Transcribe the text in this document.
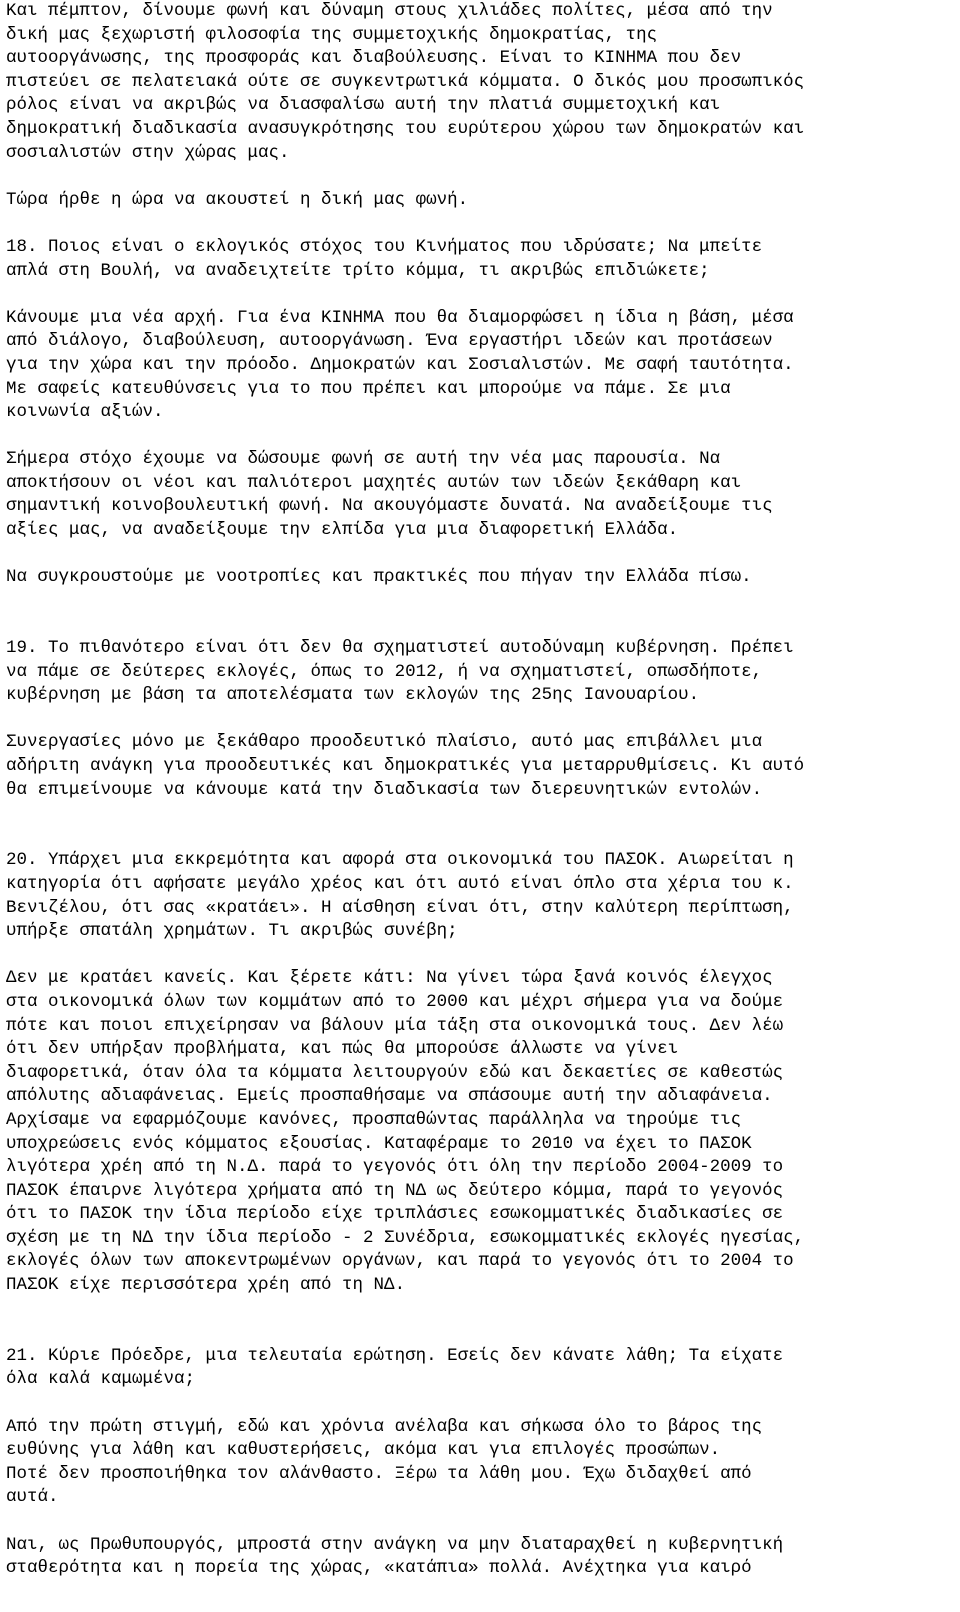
Και πέμπτον, δίνουμε φωνή και δύναμη στους χιλιάδες πολίτες, μέσα από την
δική μας ξεχωριστή φιλοσοφία της συμμετοχικής δημοκρατίας, της
αυτοοργάνωσης, της προσφοράς και διαβούλευσης. Είναι το ΚΙΝΗΜΑ που δεν
πιστεύει σε πελατειακά ούτε σε συγκεντρωτικά κόμματα. Ο δικός μου προσωπικός
ρόλος είναι να ακριβώς να διασφαλίσω αυτή την πλατιά συμμετοχική και
δημοκρατική διαδικασία ανασυγκρότησης του ευρύτερου χώρου των δημοκρατών και
σοσιαλιστών στην χώρας μας.
Τώρα ήρθε η ώρα να ακουστεί η δική μας φωνή.
18. Ποιος είναι ο εκλογικός στόχος του Κινήματος που ιδρύσατε; Να μπείτε
απλά στη Βουλή, να αναδειχτείτε τρίτο κόμμα, τι ακριβώς επιδιώκετε;
Κάνουμε μια νέα αρχή. Για ένα ΚΙΝΗΜΑ που θα διαμορφώσει η ίδια η βάση, μέσα
από διάλογο, διαβούλευση, αυτοοργάνωση. Ένα εργαστήρι ιδεών και προτάσεων
για την χώρα και την πρόοδο. Δημοκρατών και Σοσιαλιστών. Με σαφή ταυτότητα.
Με σαφείς κατευθύνσεις για το που πρέπει και μπορούμε να πάμε. Σε μια
κοινωνία αξιών.
Σήμερα στόχο έχουμε να δώσουμε φωνή σε αυτή την νέα μας παρουσία. Να
αποκτήσουν οι νέοι και παλιότεροι μαχητές αυτών των ιδεών ξεκάθαρη και
σημαντική κοινοβουλευτική φωνή. Να ακουγόμαστε δυνατά. Να αναδείξουμε τις
αξίες μας, να αναδείξουμε την ελπίδα για μια διαφορετική Ελλάδα.
Να συγκρουστούμε με νοοτροπίες και πρακτικές που πήγαν την Ελλάδα πίσω.
19. Το πιθανότερο είναι ότι δεν θα σχηματιστεί αυτοδύναμη κυβέρνηση. Πρέπει
να πάμε σε δεύτερες εκλογές, όπως το 2012, ή να σχηματιστεί, οπωσδήποτε,
κυβέρνηση με βάση τα αποτελέσματα των εκλογών της 25ης Ιανουαρίου.
Συνεργασίες μόνο με ξεκάθαρο προοδευτικό πλαίσιο, αυτό μας επιβάλλει μια
αδήριτη ανάγκη για προοδευτικές και δημοκρατικές για μεταρρυθμίσεις. Κι αυτό
θα επιμείνουμε να κάνουμε κατά την διαδικασία των διερευνητικών εντολών.
20. Υπάρχει μια εκκρεμότητα και αφορά στα οικονομικά του ΠΑΣΟΚ. Αιωρείται η
κατηγορία ότι αφήσατε μεγάλο χρέος και ότι αυτό είναι όπλο στα χέρια του κ.
Βενιζέλου, ότι σας «κρατάει». Η αίσθηση είναι ότι, στην καλύτερη περίπτωση,
υπήρξε σπατάλη χρημάτων. Τι ακριβώς συνέβη;
Δεν με κρατάει κανείς. Και ξέρετε κάτι: Να γίνει τώρα ξανά κοινός έλεγχος
στα οικονομικά όλων των κομμάτων από το 2000 και μέχρι σήμερα για να δούμε
πότε και ποιοι επιχείρησαν να βάλουν μία τάξη στα οικονομικά τους. Δεν λέω
ότι δεν υπήρξαν προβλήματα, και πώς θα μπορούσε άλλωστε να γίνει
διαφορετικά, όταν όλα τα κόμματα λειτουργούν εδώ και δεκαετίες σε καθεστώς
απόλυτης αδιαφάνειας. Εμείς προσπαθήσαμε να σπάσουμε αυτή την αδιαφάνεια.
Αρχίσαμε να εφαρμόζουμε κανόνες, προσπαθώντας παράλληλα να τηρούμε τις
υποχρεώσεις ενός κόμματος εξουσίας. Καταφέραμε το 2010 να έχει το ΠΑΣΟΚ
λιγότερα χρέη από τη Ν.Δ. παρά το γεγονός ότι όλη την περίοδο 2004-2009 το
ΠΑΣΟΚ έπαιρνε λιγότερα χρήματα από τη ΝΔ ως δεύτερο κόμμα, παρά το γεγονός
ότι το ΠΑΣΟΚ την ίδια περίοδο είχε τριπλάσιες εσωκομματικές διαδικασίες σε
σχέση με τη ΝΔ την ίδια περίοδο - 2 Συνέδρια, εσωκομματικές εκλογές ηγεσίας,
εκλογές όλων των αποκεντρωμένων οργάνων, και παρά το γεγονός ότι το 2004 το
ΠΑΣΟΚ είχε περισσότερα χρέη από τη ΝΔ.
21. Κύριε Πρόεδρε, μια τελευταία ερώτηση. Εσείς δεν κάνατε λάθη; Τα είχατε
όλα καλά καμωμένα;
Από την πρώτη στιγμή, εδώ και χρόνια ανέλαβα και σήκωσα όλο το βάρος της
ευθύνης για λάθη και καθυστερήσεις, ακόμα και για επιλογές προσώπων.
Ποτέ δεν προσποιήθηκα τον αλάνθαστο. Ξέρω τα λάθη μου. Έχω διδαχθεί από
αυτά.
Ναι, ως Πρωθυπουργός, μπροστά στην ανάγκη να μην διαταραχθεί η κυβερνητική
σταθερότητα και η πορεία της χώρας, «κατάπια» πολλά. Ανέχτηκα για καιρό
